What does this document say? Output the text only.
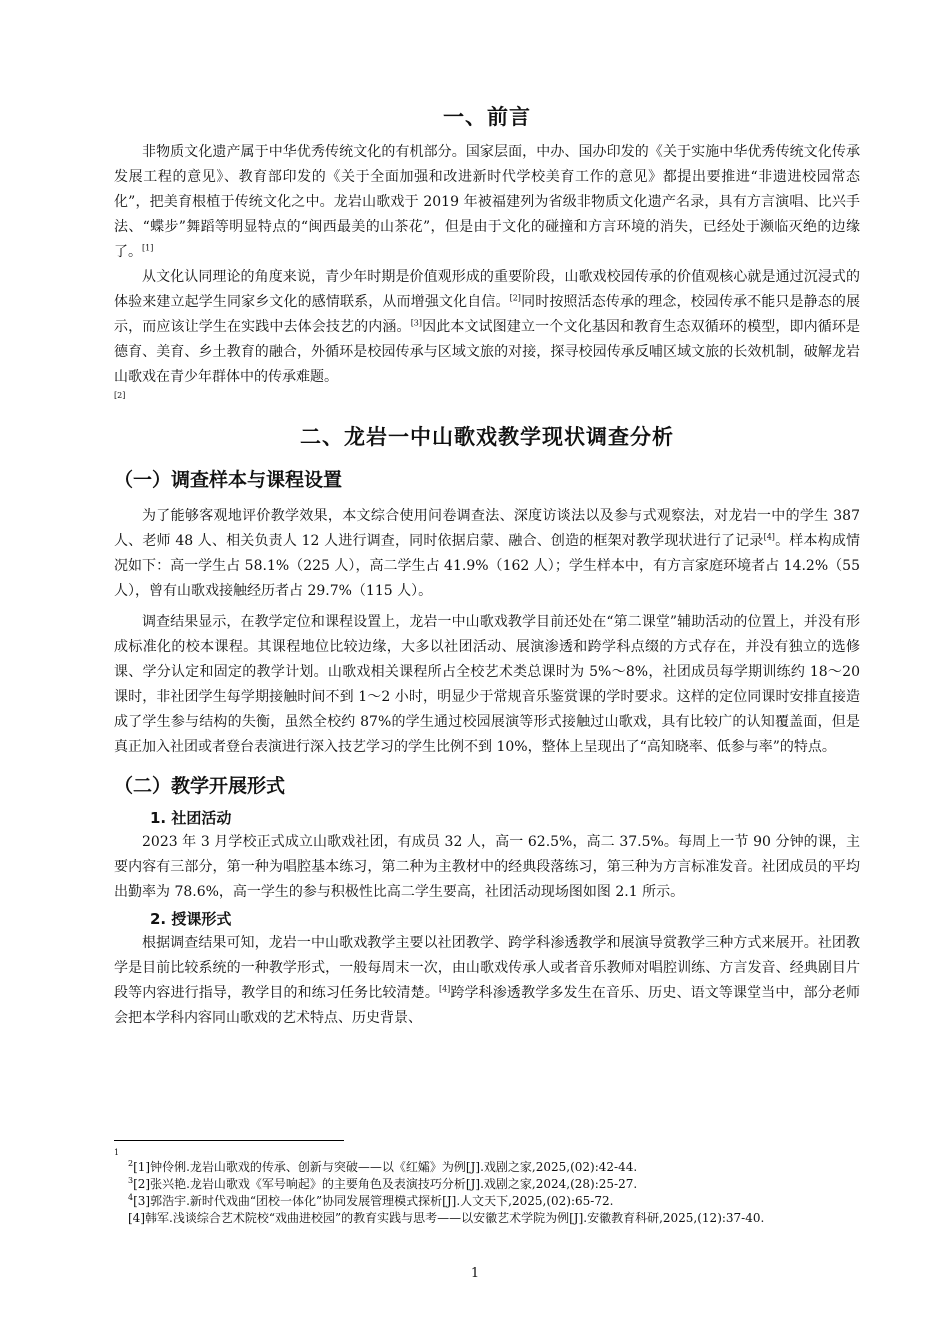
一、前言

非物质文化遗产属于中华优秀传统文化的有机部分。国家层面，中办、国办印发的《关于实施中华优秀传统文化传承发展工程的意见》、教育部印发的《关于全面加强和改进新时代学校美育工作的意见》都提出要推进“非遗进校园常态化”，把美育根植于传统文化之中。龙岩山歌戏于 2019 年被福建列为省级非物质文化遗产名录，具有方言演唱、比兴手法、“蝶步”舞蹈等明显特点的“闽西最美的山茶花”，但是由于文化的碰撞和方言环境的消失，已经处于濒临灭绝的边缘了。[1]

从文化认同理论的角度来说，青少年时期是价值观形成的重要阶段，山歌戏校园传承的价值观核心就是通过沉浸式的体验来建立起学生同家乡文化的感情联系，从而增强文化自信。[2]同时按照活态传承的理念，校园传承不能只是静态的展示，而应该让学生在实践中去体会技艺的内涵。[3]因此本文试图建立一个文化基因和教育生态双循环的模型，即内循环是德育、美育、乡土教育的融合，外循环是校园传承与区域文旅的对接，探寻校园传承反哺区域文旅的长效机制，破解龙岩山歌戏在青少年群体中的传承难题。
[2]

二、龙岩一中山歌戏教学现状调查分析
（一）调查样本与课程设置

为了能够客观地评价教学效果，本文综合使用问卷调查法、深度访谈法以及参与式观察法，对龙岩一中的学生 387 人、老师 48 人、相关负责人 12 人进行调查，同时依据启蒙、融合、创造的框架对教学现状进行了记录[4]。样本构成情况如下：高一学生占 58.1%（225 人），高二学生占 41.9%（162 人）；学生样本中，有方言家庭环境者占 14.2%（55 人），曾有山歌戏接触经历者占 29.7%（115 人）。

调查结果显示，在教学定位和课程设置上，龙岩一中山歌戏教学目前还处在“第二课堂”辅助活动的位置上，并没有形成标准化的校本课程。其课程地位比较边缘，大多以社团活动、展演渗透和跨学科点缀的方式存在，并没有独立的选修课、学分认定和固定的教学计划。山歌戏相关课程所占全校艺术类总课时为 5%～8%，社团成员每学期训练约 18～20 课时，非社团学生每学期接触时间不到 1～2 小时，明显少于常规音乐鉴赏课的学时要求。这样的定位同课时安排直接造成了学生参与结构的失衡，虽然全校约 87%的学生通过校园展演等形式接触过山歌戏，具有比较广的认知覆盖面，但是真正加入社团或者登台表演进行深入技艺学习的学生比例不到 10%，整体上呈现出了“高知晓率、低参与率”的特点。

（二）教学开展形式
1. 社团活动

2023 年 3 月学校正式成立山歌戏社团，有成员 32 人，高一 62.5%，高二 37.5%。每周上一节 90 分钟的课，主要内容有三部分，第一种为唱腔基本练习，第二种为主教材中的经典段落练习，第三种为方言标准发音。社团成员的平均出勤率为 78.6%，高一学生的参与积极性比高二学生要高，社团活动现场图如图 2.1 所示。

2. 授课形式

根据调查结果可知，龙岩一中山歌戏教学主要以社团教学、跨学科渗透教学和展演导赏教学三种方式来展开。社团教学是目前比较系统的一种教学形式，一般每周末一次，由山歌戏传承人或者音乐教师对唱腔训练、方言发音、经典剧目片段等内容进行指导，教学目的和练习任务比较清楚。[4]跨学科渗透教学多发生在音乐、历史、语文等课堂当中，部分老师会把本学科内容同山歌戏的艺术特点、历史背景、

1
$^2$[1]钟伶俐.龙岩山歌戏的传承、创新与突破——以《红孀》为例[J].戏剧之家,2025,(02):42-44.
$^3$[2]张兴艳.龙岩山歌戏《军号响起》的主要角色及表演技巧分析[J].戏剧之家,2024,(28):25-27.
$^4$[3]郭浩宇.新时代戏曲“团校一体化”协同发展管理模式探析[J].人文天下,2025,(02):65-72.
[4]韩军.浅谈综合艺术院校“戏曲进校园”的教育实践与思考——以安徽艺术学院为例[J].安徽教育科研,2025,(12):37-40.
1
